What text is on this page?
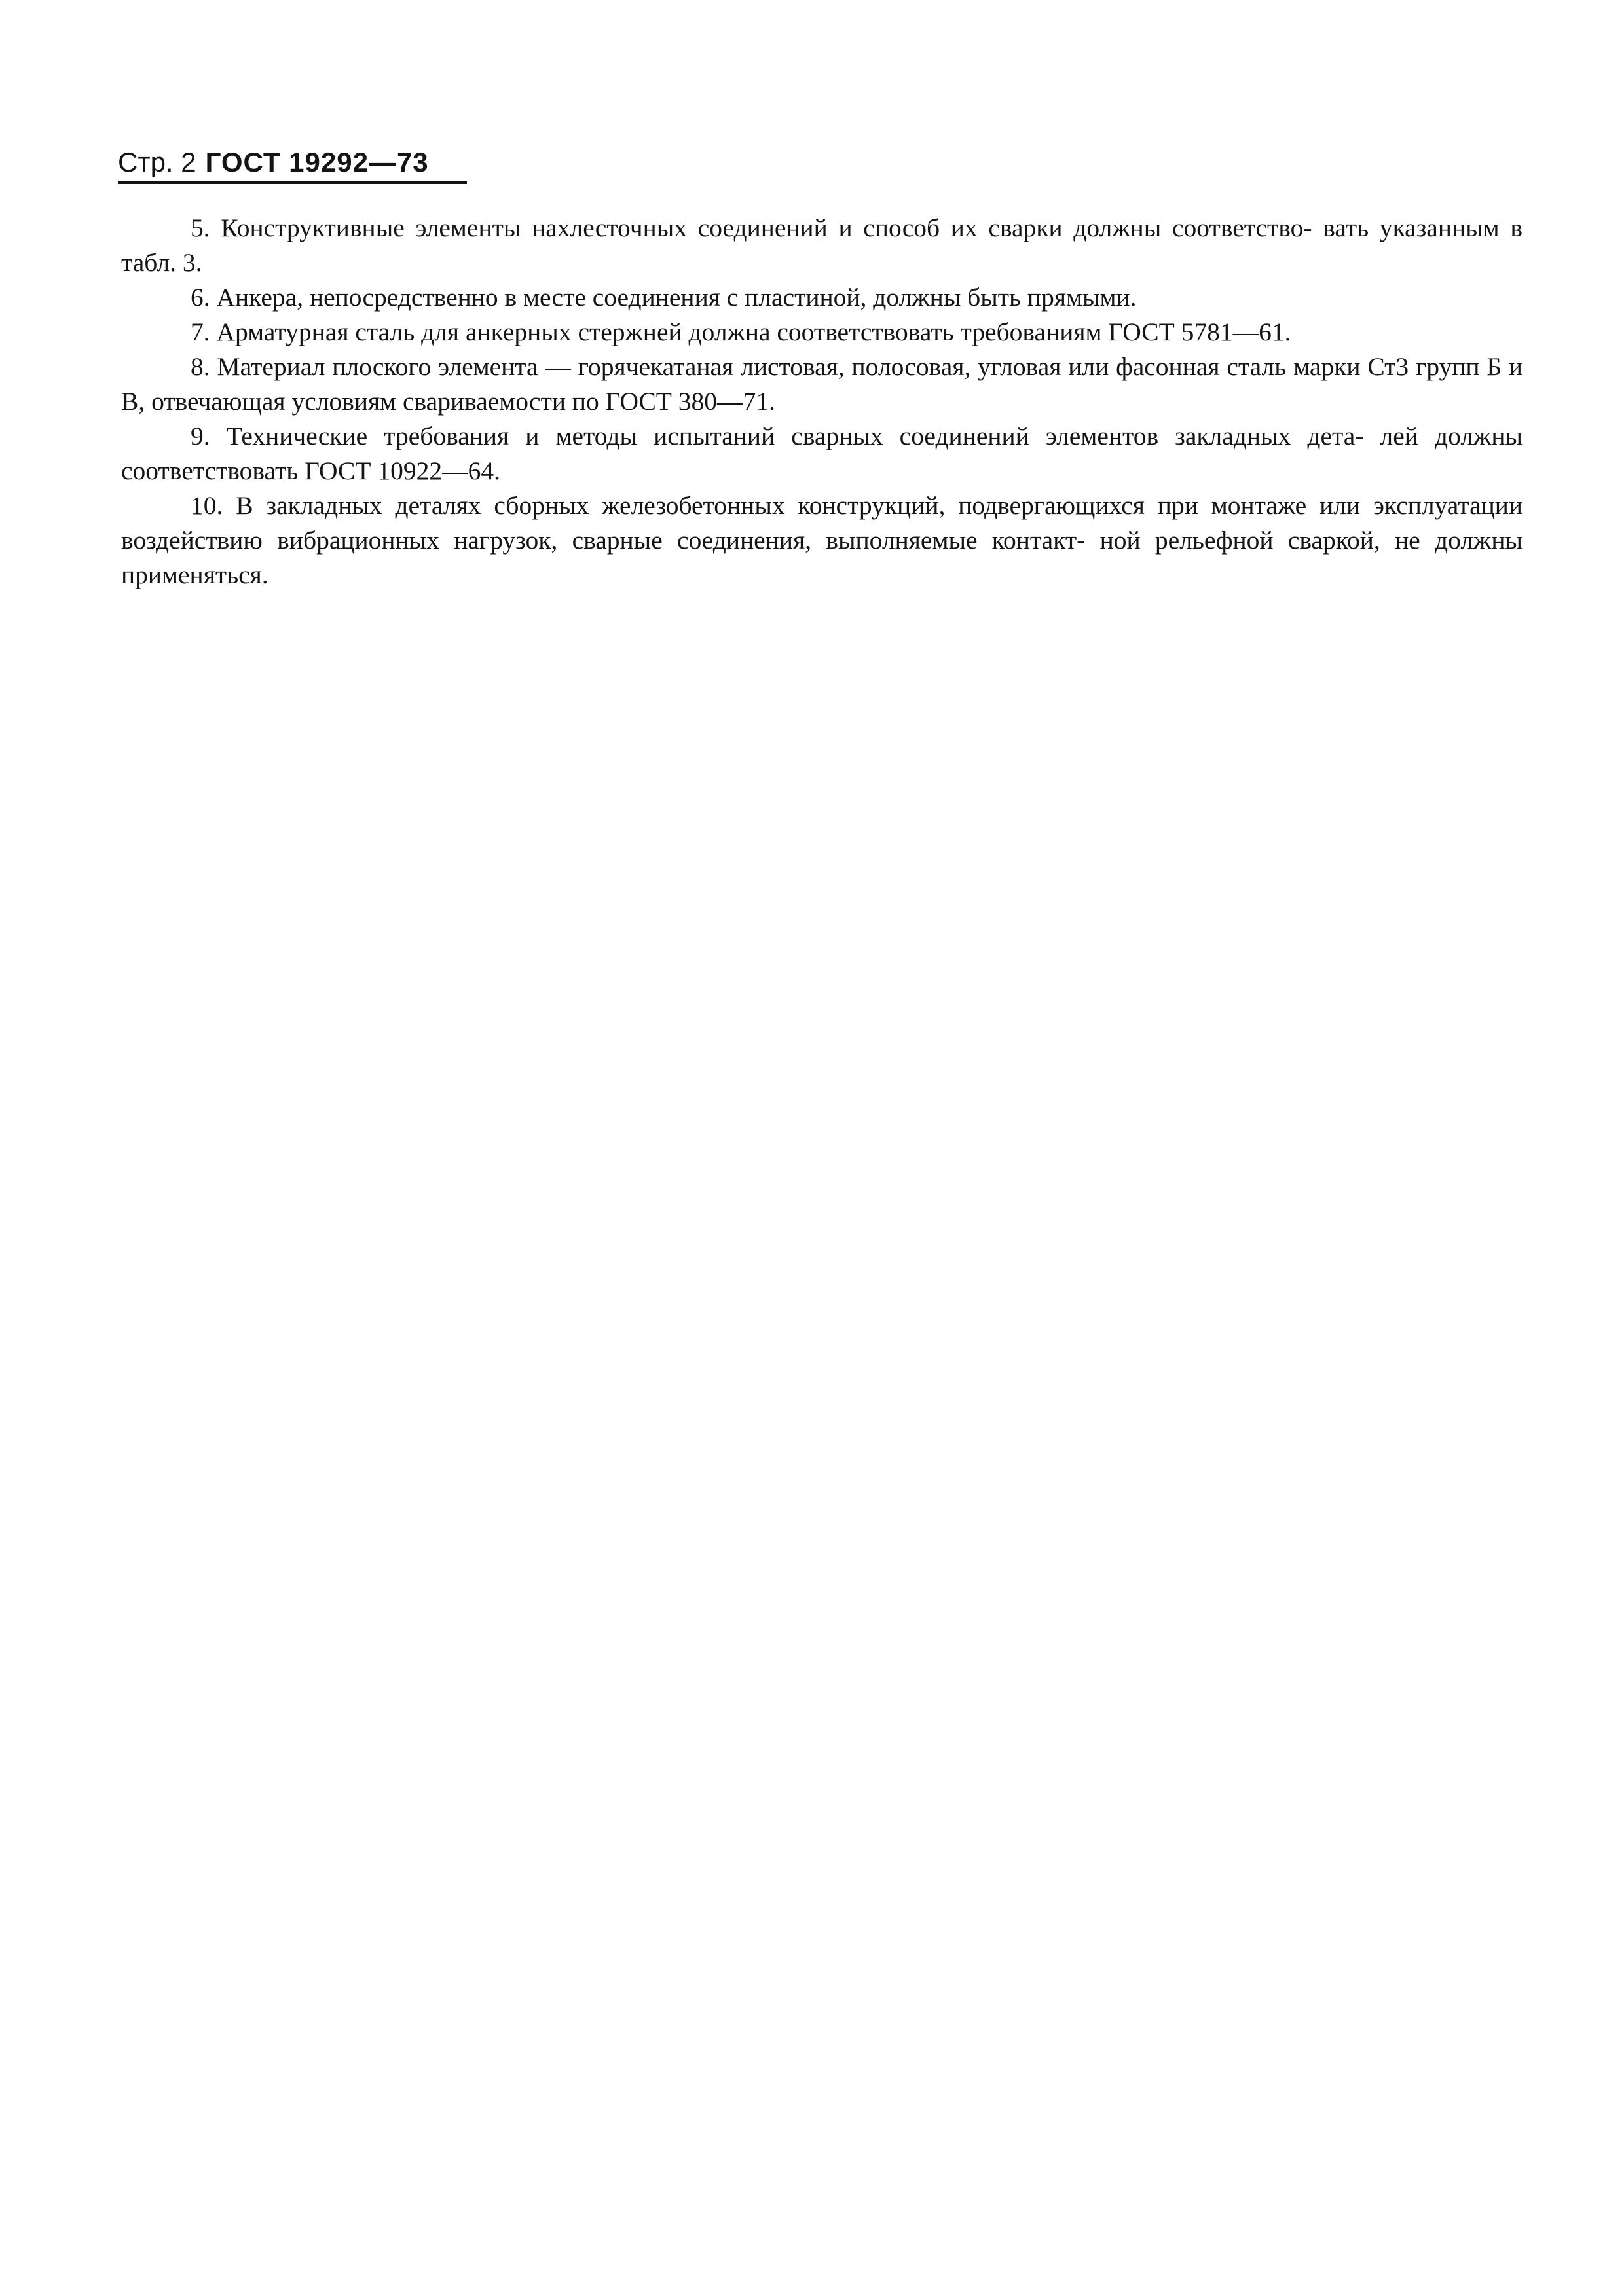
Стр. 2 ГОСТ 19292—73

5. Конструктивные элементы нахлесточных соединений и способ их сварки должны соответство- вать указанным в табл. 3.

6. Анкера, непосредственно в месте соединения с пластиной, должны быть прямыми.

7. Арматурная сталь для анкерных стержней должна соответствовать требованиям ГОСТ 5781—61.

8. Материал плоского элемента — горячекатаная листовая, полосовая, угловая или фасонная сталь марки Ст3 групп Б и В, отвечающая условиям свариваемости по ГОСТ 380—71.

9. Технические требования и методы испытаний сварных соединений элементов закладных дета- лей должны соответствовать ГОСТ 10922—64.

10. В закладных деталях сборных железобетонных конструкций, подвергающихся при монтаже или эксплуатации воздействию вибрационных нагрузок, сварные соединения, выполняемые контакт- ной рельефной сваркой, не должны применяться.
